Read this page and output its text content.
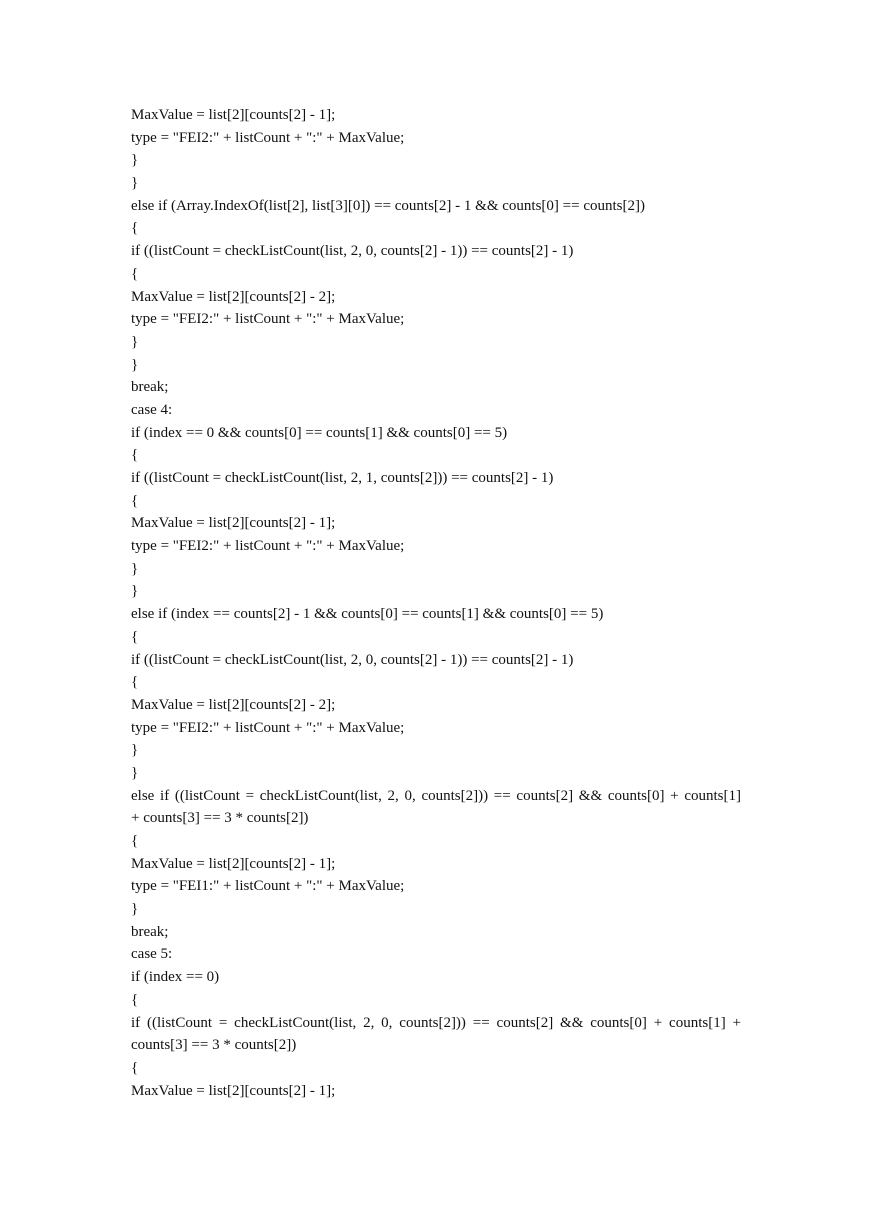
MaxValue = list[2][counts[2] - 1];
type = "FEI2:" + listCount + ":" + MaxValue;
}
}
else if (Array.IndexOf(list[2], list[3][0]) == counts[2] - 1 && counts[0] == counts[2])
{
if ((listCount = checkListCount(list, 2, 0, counts[2] - 1)) == counts[2] - 1)
{
MaxValue = list[2][counts[2] - 2];
type = "FEI2:" + listCount + ":" + MaxValue;
}
}
break;
case 4:
if (index == 0 && counts[0] == counts[1] && counts[0] == 5)
{
if ((listCount = checkListCount(list, 2, 1, counts[2])) == counts[2] - 1)
{
MaxValue = list[2][counts[2] - 1];
type = "FEI2:" + listCount + ":" + MaxValue;
}
}
else if (index == counts[2] - 1 && counts[0] == counts[1] && counts[0] == 5)
{
if ((listCount = checkListCount(list, 2, 0, counts[2] - 1)) == counts[2] - 1)
{
MaxValue = list[2][counts[2] - 2];
type = "FEI2:" + listCount + ":" + MaxValue;
}
}
else if ((listCount = checkListCount(list, 2, 0, counts[2])) == counts[2] && counts[0] + counts[1]
+ counts[3] == 3 * counts[2])
{
MaxValue = list[2][counts[2] - 1];
type = "FEI1:" + listCount + ":" + MaxValue;
}
break;
case 5:
if (index == 0)
{
if ((listCount = checkListCount(list, 2, 0, counts[2])) == counts[2] && counts[0] + counts[1] +
counts[3] == 3 * counts[2])
{
MaxValue = list[2][counts[2] - 1];
